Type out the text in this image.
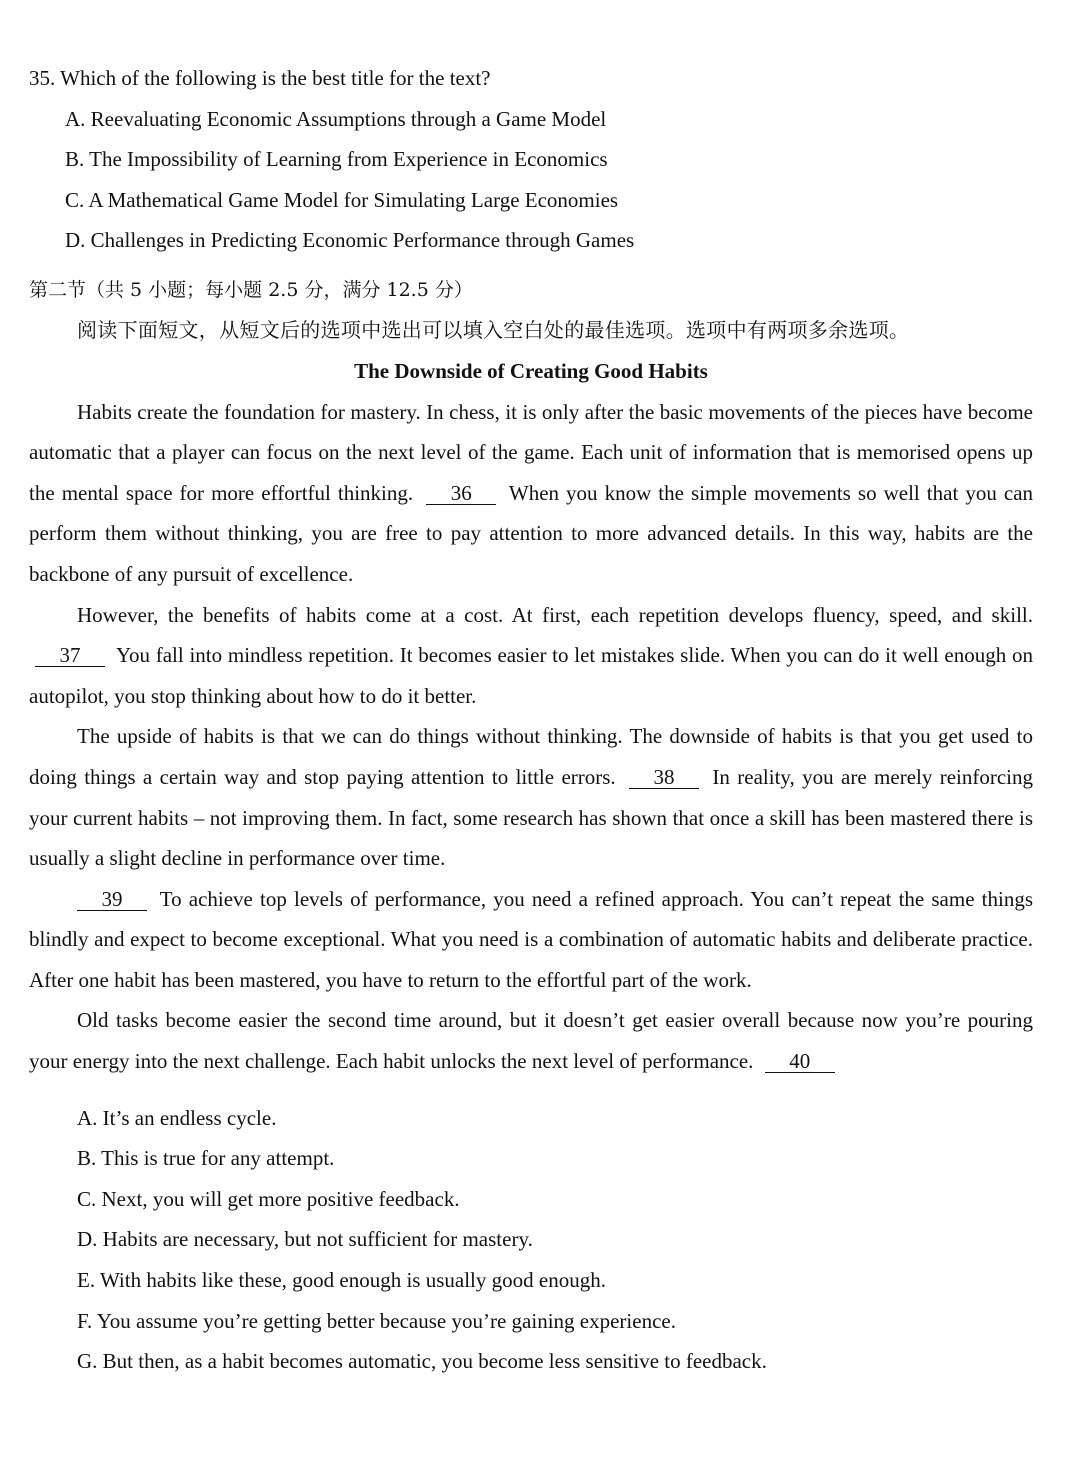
35. Which of the following is the best title for the text?
A. Reevaluating Economic Assumptions through a Game Model
B. The Impossibility of Learning from Experience in Economics
C. A Mathematical Game Model for Simulating Large Economies
D. Challenges in Predicting Economic Performance through Games
第二节（共 5 小题；每小题 2.5 分，满分 12.5 分）
阅读下面短文，从短文后的选项中选出可以填入空白处的最佳选项。选项中有两项多余选项。
The Downside of Creating Good Habits

Habits create the foundation for mastery. In chess, it is only after the basic movements of the pieces have become automatic that a player can focus on the next level of the game. Each unit of information that is memorised opens up the mental space for more effortful thinking. 36 When you know the simple movements so well that you can perform them without thinking, you are free to pay attention to more advanced details. In this way, habits are the backbone of any pursuit of excellence.

However, the benefits of habits come at a cost. At first, each repetition develops fluency, speed, and skill. 37 You fall into mindless repetition. It becomes easier to let mistakes slide. When you can do it well enough on autopilot, you stop thinking about how to do it better.

The upside of habits is that we can do things without thinking. The downside of habits is that you get used to doing things a certain way and stop paying attention to little errors. 38 In reality, you are merely reinforcing your current habits – not improving them. In fact, some research has shown that once a skill has been mastered there is usually a slight decline in performance over time.

39 To achieve top levels of performance, you need a refined approach. You can’t repeat the same things blindly and expect to become exceptional. What you need is a combination of automatic habits and deliberate practice. After one habit has been mastered, you have to return to the effortful part of the work.

Old tasks become easier the second time around, but it doesn’t get easier overall because now you’re pouring your energy into the next challenge. Each habit unlocks the next level of performance. 40

A. It’s an endless cycle.
B. This is true for any attempt.
C. Next, you will get more positive feedback.
D. Habits are necessary, but not sufficient for mastery.
E. With habits like these, good enough is usually good enough.
F. You assume you’re getting better because you’re gaining experience.
G. But then, as a habit becomes automatic, you become less sensitive to feedback.
